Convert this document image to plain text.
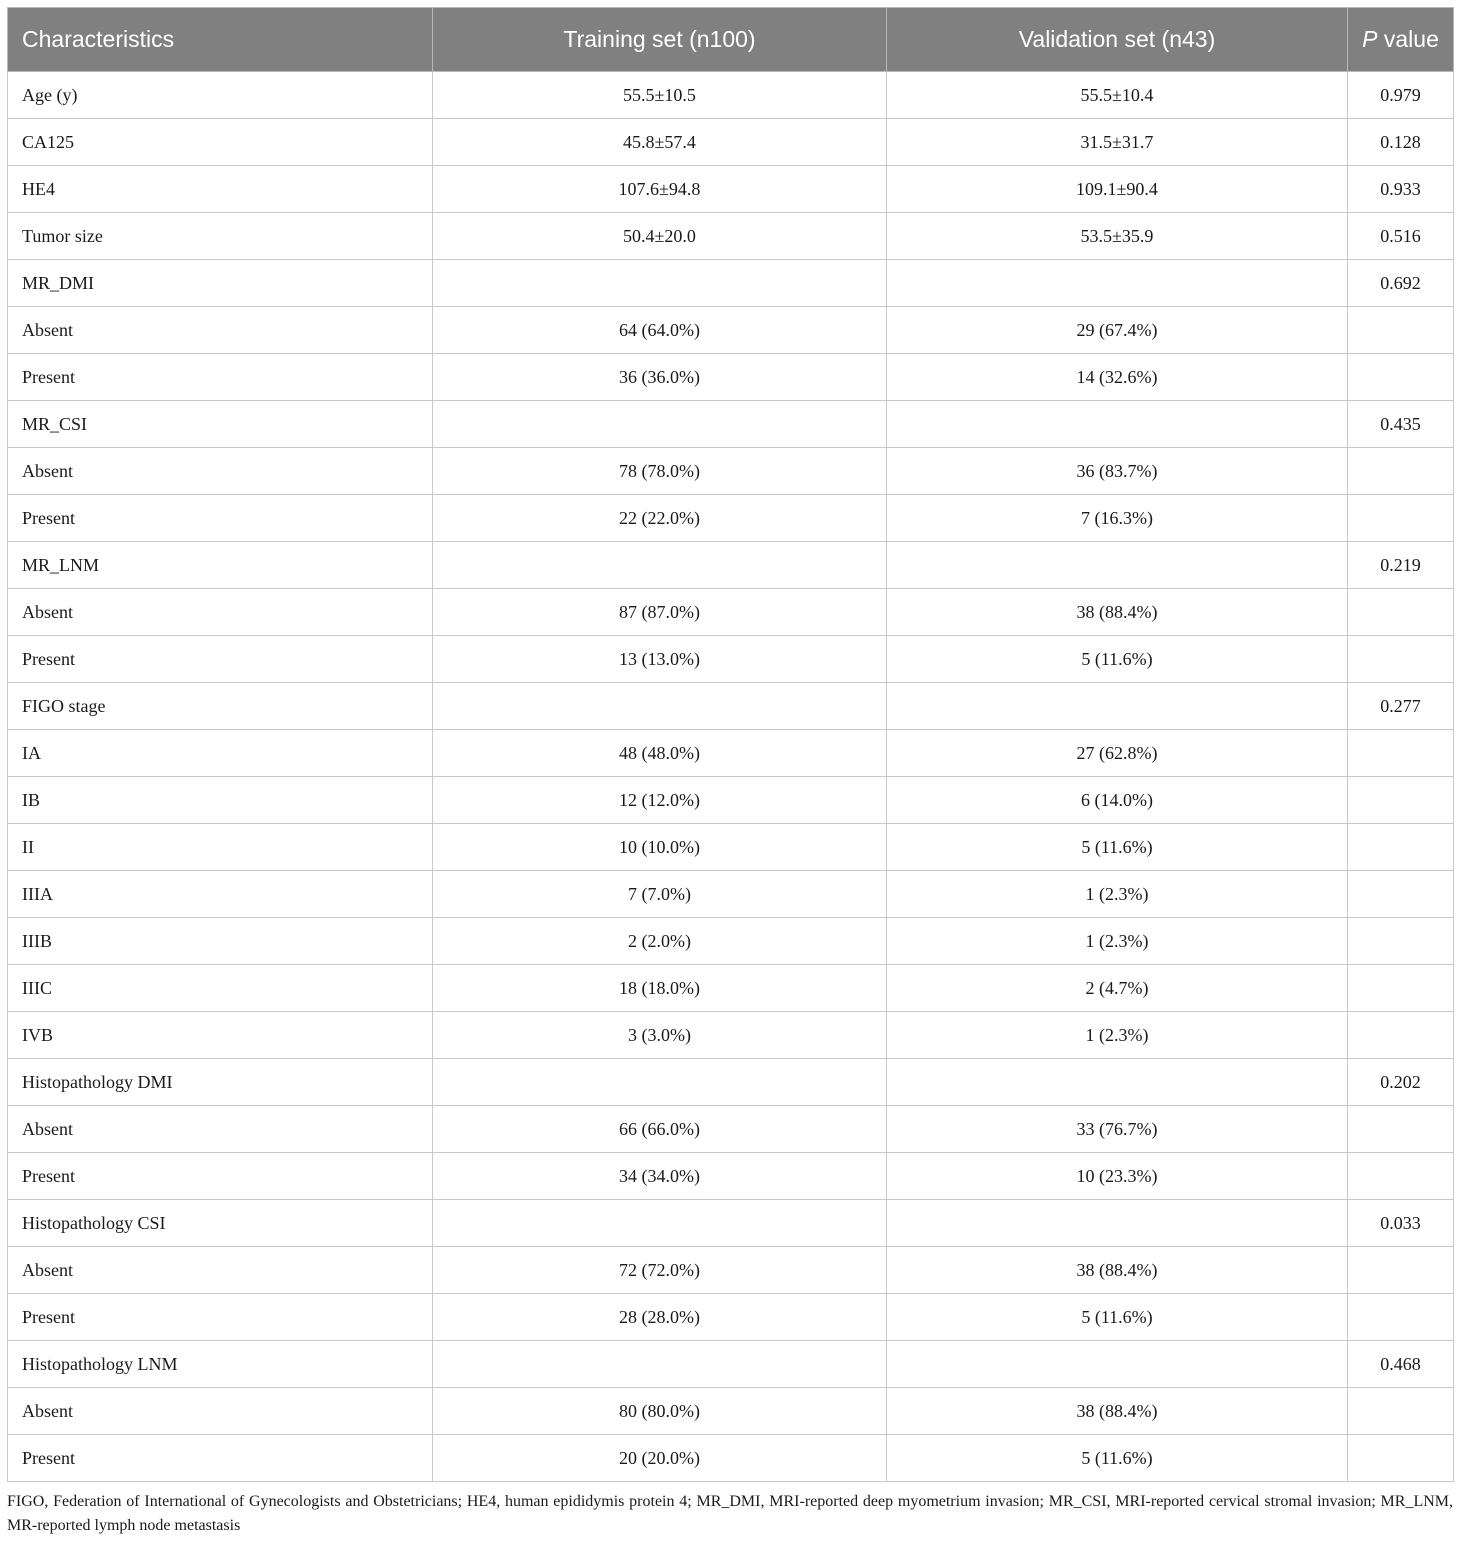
Characteristics	Training set (n100)	Validation set (n43)	P value
Age (y)	55.5±10.5	55.5±10.4	0.979
CA125	45.8±57.4	31.5±31.7	0.128
HE4	107.6±94.8	109.1±90.4	0.933
Tumor size	50.4±20.0	53.5±35.9	0.516
MR_DMI			0.692
Absent	64 (64.0%)	29 (67.4%)	
Present	36 (36.0%)	14 (32.6%)	
MR_CSI			0.435
Absent	78 (78.0%)	36 (83.7%)	
Present	22 (22.0%)	7 (16.3%)	
MR_LNM			0.219
Absent	87 (87.0%)	38 (88.4%)	
Present	13 (13.0%)	5 (11.6%)	
FIGO stage			0.277
IA	48 (48.0%)	27 (62.8%)	
IB	12 (12.0%)	6 (14.0%)	
II	10 (10.0%)	5 (11.6%)	
IIIA	7 (7.0%)	1 (2.3%)	
IIIB	2 (2.0%)	1 (2.3%)	
IIIC	18 (18.0%)	2 (4.7%)	
IVB	3 (3.0%)	1 (2.3%)	
Histopathology DMI			0.202
Absent	66 (66.0%)	33 (76.7%)	
Present	34 (34.0%)	10 (23.3%)	
Histopathology CSI			0.033
Absent	72 (72.0%)	38 (88.4%)	
Present	28 (28.0%)	5 (11.6%)	
Histopathology LNM			0.468
Absent	80 (80.0%)	38 (88.4%)	
Present	20 (20.0%)	5 (11.6%)	
FIGO, Federation of International of Gynecologists and Obstetricians; HE4, human epididymis protein 4; MR_DMI, MRI-reported deep myometrium invasion; MR_CSI, MRI-reported cervical stromal invasion; MR_LNM, MR-reported lymph node metastasis
